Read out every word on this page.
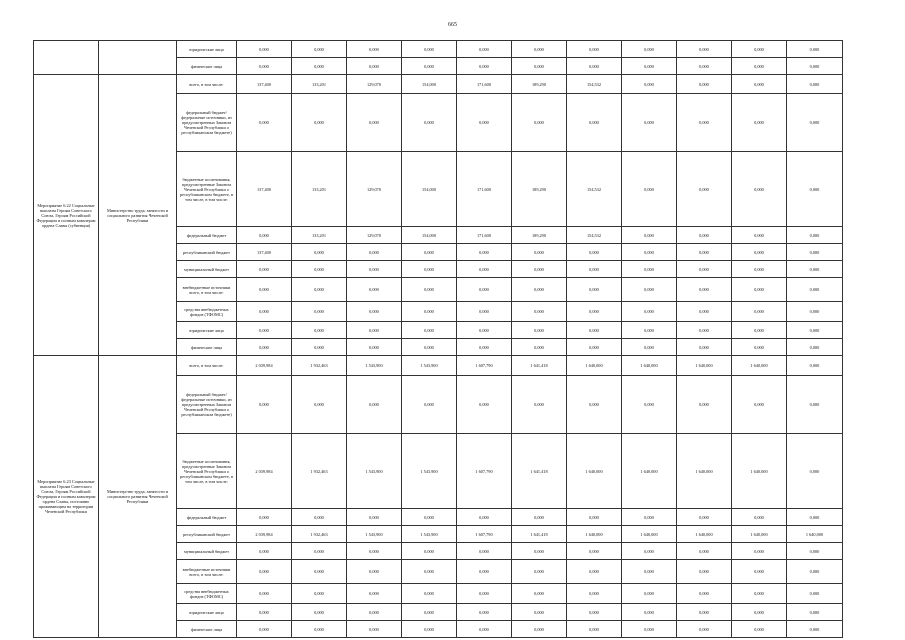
665
		юридические лица	0,000	0,000	0,000	0,000	0,000	0,000	0,000	0,000	0,000	0,000	0,000
		физические лица	0,000	0,000	0,000	0,000	0,000	0,000	0,000	0,000	0,000	0,000	0,000
Мероприятие 6.22 Социальные выплаты Героям Советского Союза, Героям Российской Федерации и полным кавалерам ордена Славы (субвенция)	Министерство труда, занятости и социального развития Чеченской Республики	всего, в том числе:	137,400	133,201	129,070	154,000	171,600	189,290	154,532	0,000	0,000	0,000	0,000
		федеральный бюджет/федеральные источники, из предусмотренных Законом Чеченской Республики о республиканском бюджете)	0,000	0,000	0,000	0,000	0,000	0,000	0,000	0,000	0,000	0,000	0,000
		бюджетные ассигнования, предусмотренные Законом Чеченской Республики о республиканском бюджете, в том числе, в том числе:	137,400	133,201	129,070	154,000	171,600	189,290	154,532	0,000	0,000	0,000	0,000
		федеральный бюджет	0,000	133,201	129,070	154,000	171,600	189,290	154,532	0,000	0,000	0,000	0,000
		республиканский бюджет	137,400	0,000	0,000	0,000	0,000	0,000	0,000	0,000	0,000	0,000	0,000
		муниципальный бюджет	0,000	0,000	0,000	0,000	0,000	0,000	0,000	0,000	0,000	0,000	0,000
		внебюджетные источники всего, в том числе:	0,000	0,000	0,000	0,000	0,000	0,000	0,000	0,000	0,000	0,000	0,000
		средства внебюджетных фондов (ТФОМС)	0,000	0,000	0,000	0,000	0,000	0,000	0,000	0,000	0,000	0,000	0,000
		юридические лица	0,000	0,000	0,000	0,000	0,000	0,000	0,000	0,000	0,000	0,000	0,000
		физические лица	0,000	0,000	0,000	0,000	0,000	0,000	0,000	0,000	0,000	0,000	0,000
Мероприятие 6.23 Социальные выплаты Героям Советского Союза, Героям Российской Федерации и полным кавалерам ордена Славы, постоянно проживающим на территории Чеченской Республики	Министерство труда, занятости и социального развития Чеченской Республики	всего, в том числе:	2 039,984	1 932,463	1 543,900	1 543,900	1 607,790	1 641,418	1 640,000	1 640,000	1 640,000	1 640,000	0,000
		федеральный бюджет/федеральные источники, из предусмотренных Законом Чеченской Республики о республиканском бюджете)	0,000	0,000	0,000	0,000	0,000	0,000	0,000	0,000	0,000	0,000	0,000
		бюджетные ассигнования, предусмотренные Законом Чеченской Республики о республиканском бюджете, в том числе, в том числе:	2 039,984	1 932,463	1 543,900	1 543,900	1 607,790	1 641,418	1 640,000	1 640,000	1 640,000	1 640,000	0,000
		федеральный бюджет	0,000	0,000	0,000	0,000	0,000	0,000	0,000	0,000	0,000	0,000	0,000
		республиканский бюджет	2 039,984	1 932,463	1 543,900	1 543,900	1 607,790	1 641,418	1 640,000	1 640,000	1 640,000	1 640,000	1 640,000
		муниципальный бюджет	0,000	0,000	0,000	0,000	0,000	0,000	0,000	0,000	0,000	0,000	0,000
		внебюджетные источники всего, в том числе:	0,000	0,000	0,000	0,000	0,000	0,000	0,000	0,000	0,000	0,000	0,000
		средства внебюджетных фондов (ТФОМС)	0,000	0,000	0,000	0,000	0,000	0,000	0,000	0,000	0,000	0,000	0,000
		юридические лица	0,000	0,000	0,000	0,000	0,000	0,000	0,000	0,000	0,000	0,000	0,000
		физические лица	0,000	0,000	0,000	0,000	0,000	0,000	0,000	0,000	0,000	0,000	0,000
